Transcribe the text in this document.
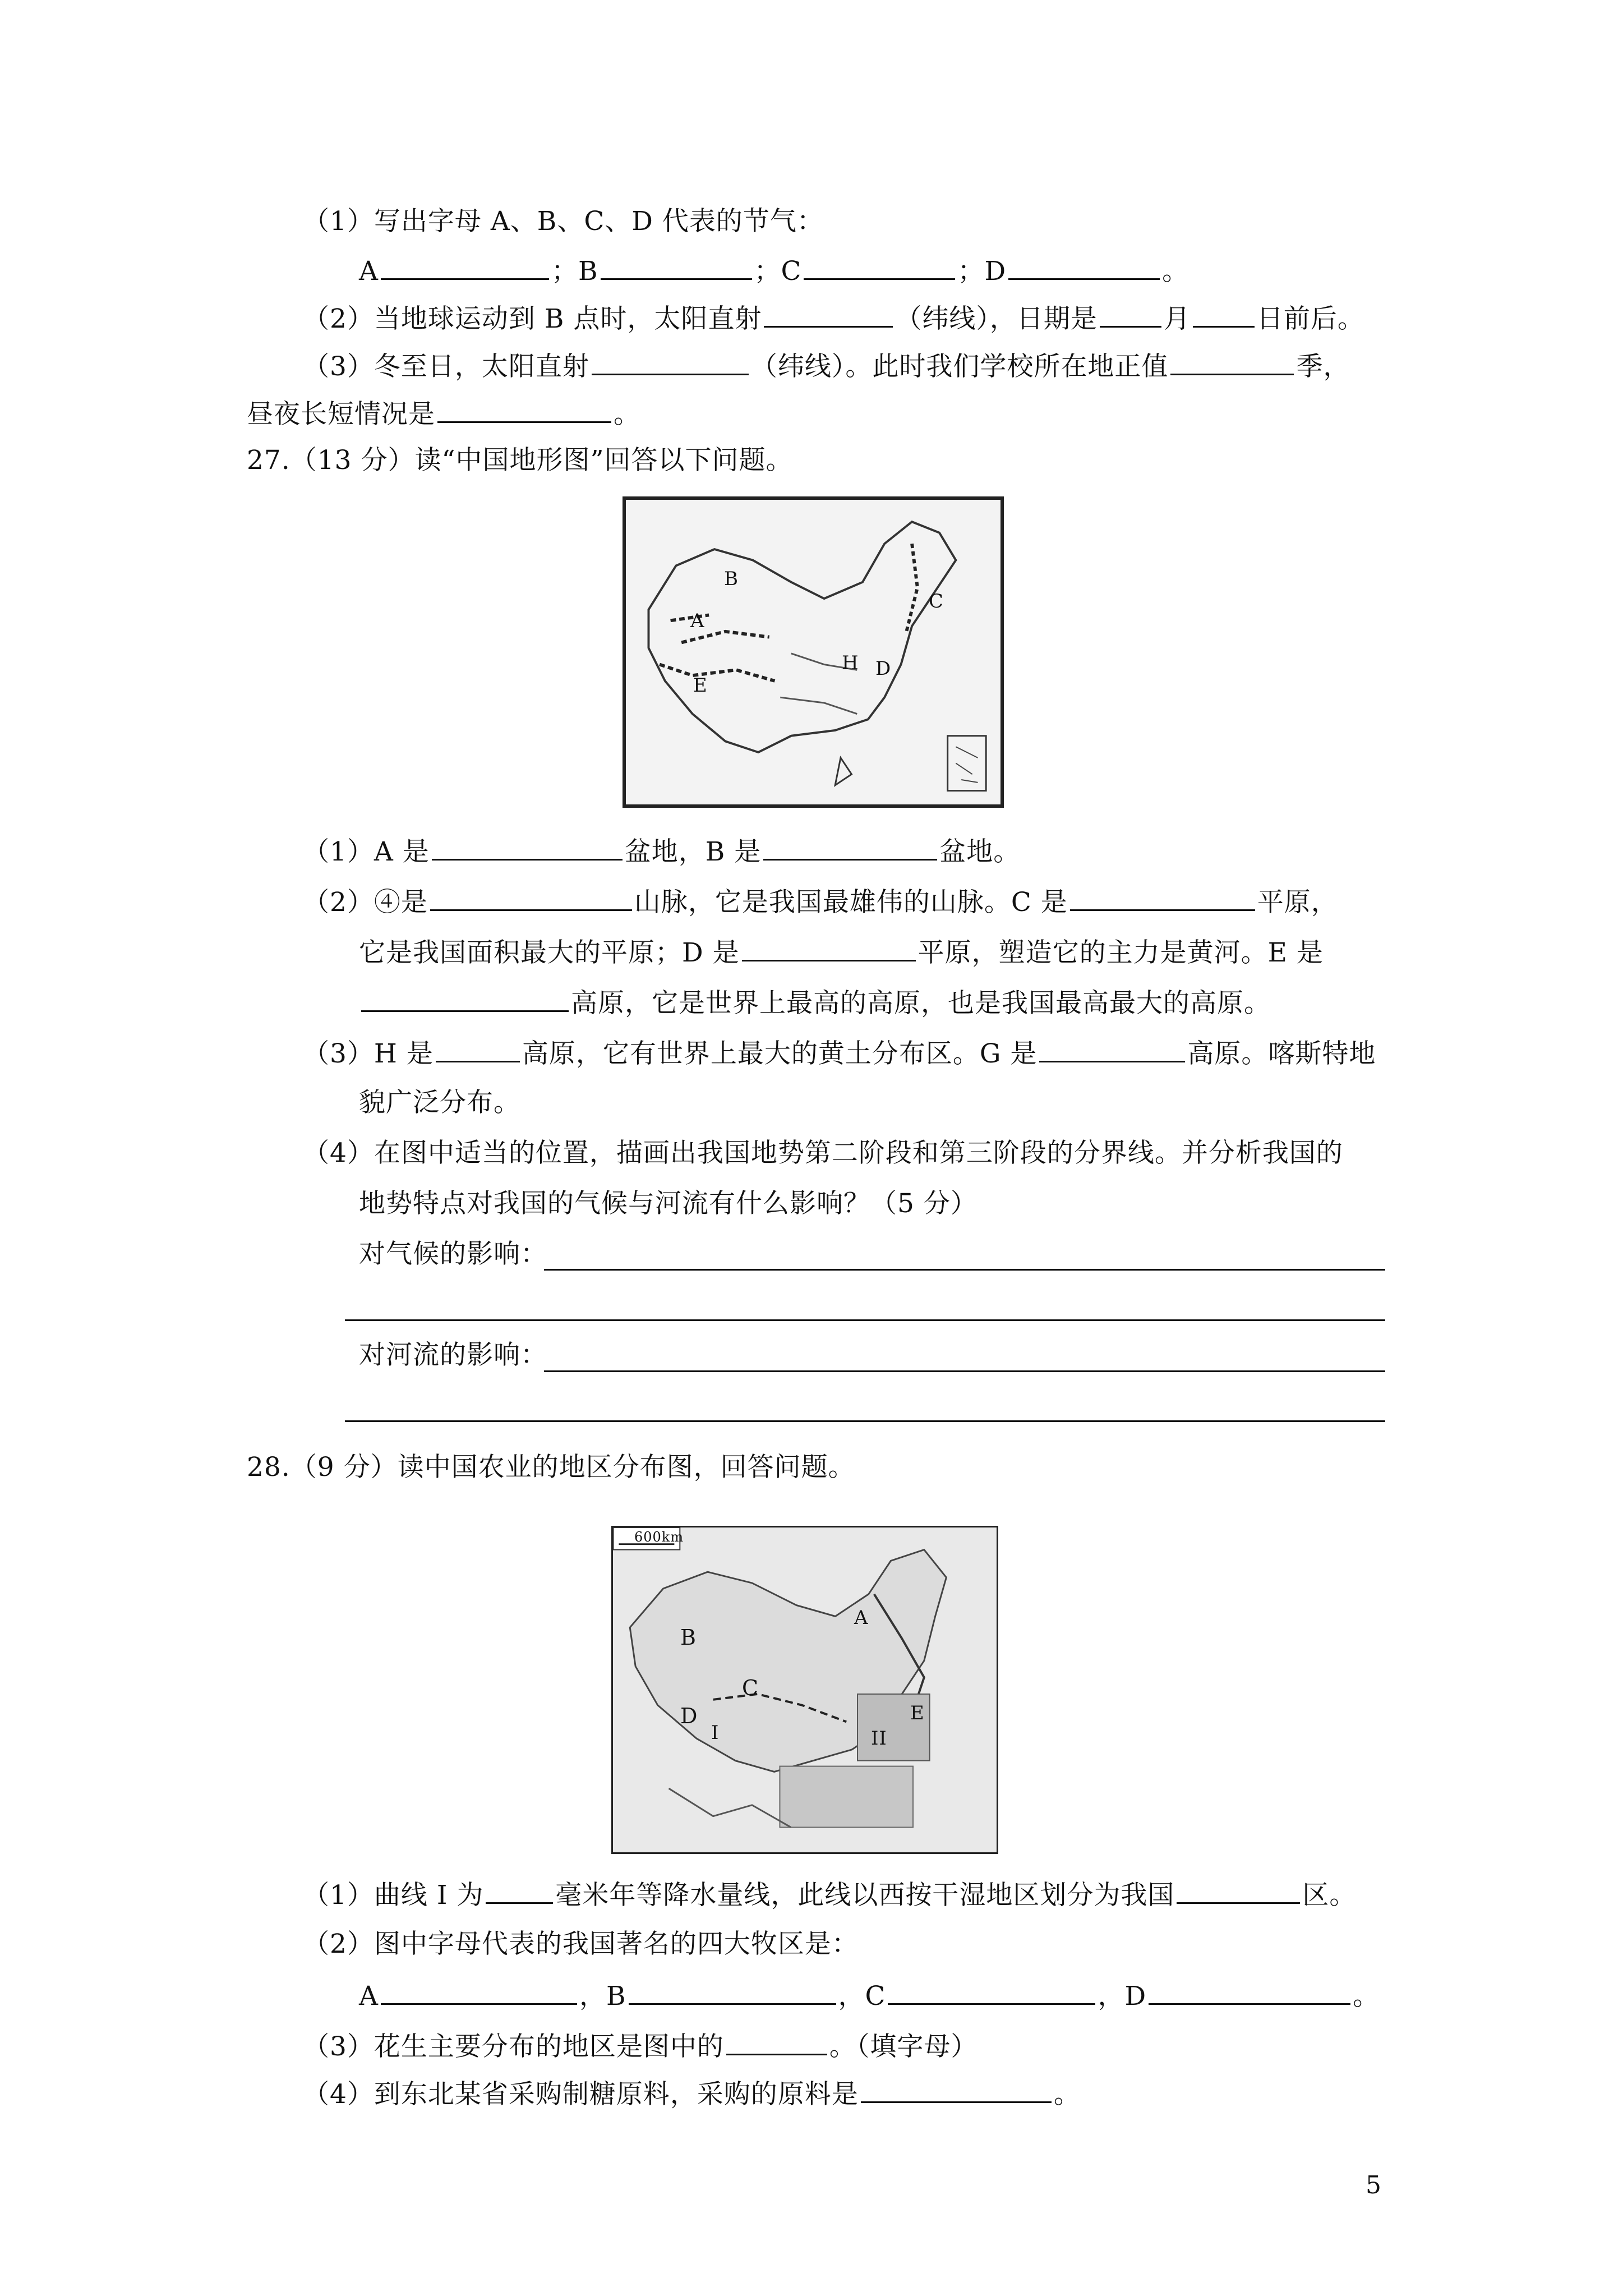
（1）写出字母 A、B、C、D 代表的节气：
A	；B	；C	；D	。
（2）当地球运动到 B 点时，太阳直射	（纬线），日期是	月	日前后。
（3）冬至日，太阳直射	（纬线）。此时我们学校所在地正值	季，
昼夜长短情况是	。
27.（13 分）读“中国地形图”回答以下问题。
B
A
C
E
H D
（1）A 是	盆地，B 是	盆地。
（2）④是	山脉，它是我国最雄伟的山脉。C 是	平原，
它是我国面积最大的平原；D 是	平原，塑造它的主力是黄河。E 是
高原，它是世界上最高的高原，也是我国最高最大的高原。
（3）H 是	高原，它有世界上最大的黄土分布区。G 是	高原。喀斯特地
貌广泛分布。
（4）在图中适当的位置，描画出我国地势第二阶段和第三阶段的分界线。并分析我国的
地势特点对我国的气候与河流有什么影响？（5 分）
对气候的影响：
对河流的影响：
28.（9 分）读中国农业的地区分布图，回答问题。
600km
B
A
C
D
I
E
II
（1）曲线 I 为	毫米年等降水量线，此线以西按干湿地区划分为我国	区。
（2）图中字母代表的我国著名的四大牧区是：
A	，B	，C	，D	。
（3）花生主要分布的地区是图中的	。（填字母）
（4）到东北某省采购制糖原料，采购的原料是	。
5
